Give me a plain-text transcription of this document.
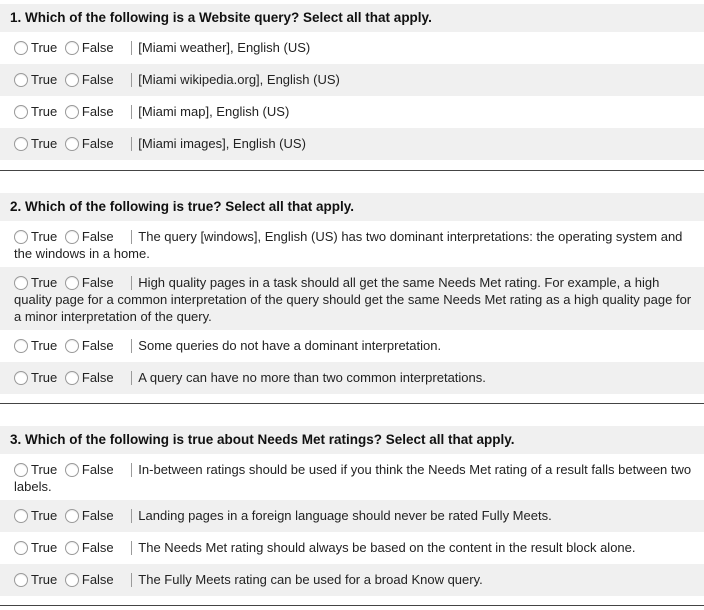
1. Which of the following is a Website query? Select all that apply.
True False [Miami weather], English (US)
True False [Miami wikipedia.org], English (US)
True False [Miami map], English (US)
True False [Miami images], English (US)
2. Which of the following is true? Select all that apply.
True False The query [windows], English (US) has two dominant interpretations: the operating system and the windows in a home.
True False High quality pages in a task should all get the same Needs Met rating. For example, a high quality page for a common interpretation of the query should get the same Needs Met rating as a high quality page for a minor interpretation of the query.
True False Some queries do not have a dominant interpretation.
True False A query can have no more than two common interpretations.
3. Which of the following is true about Needs Met ratings? Select all that apply.
True False In-between ratings should be used if you think the Needs Met rating of a result falls between two labels.
True False Landing pages in a foreign language should never be rated Fully Meets.
True False The Needs Met rating should always be based on the content in the result block alone.
True False The Fully Meets rating can be used for a broad Know query.
